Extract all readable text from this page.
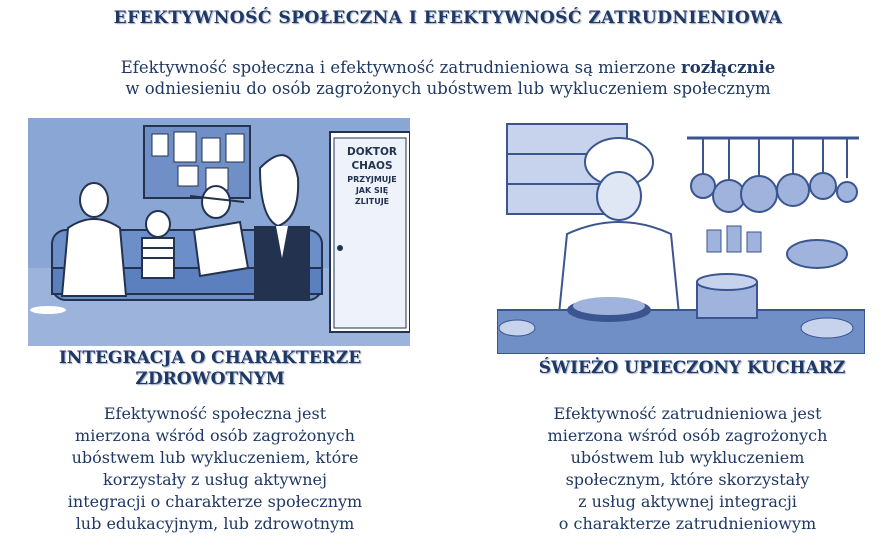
EFEKTYWNOŚĆ SPOŁECZNA I EFEKTYWNOŚĆ ZATRUDNIENIOWA
Efektywność społeczna i efektywność zatrudnieniowa są mierzone rozłącznie
w odniesieniu do osób zagrożonych ubóstwem lub wykluczeniem społecznym
DOKTOR
CHAOS
PRZYJMUJE
JAK SIĘ
ZLITUJE
INTEGRACJA O CHARAKTERZE
ZDROWOTNYM
ŚWIEŻO UPIECZONY KUCHARZ
Efektywność społeczna jest
mierzona wśród osób zagrożonych
ubóstwem lub wykluczeniem, które
korzystały z usług aktywnej
integracji o charakterze społecznym
lub edukacyjnym, lub zdrowotnym
Efektywność zatrudnieniowa jest
mierzona wśród osób zagrożonych
ubóstwem lub wykluczeniem
społecznym, które skorzystały
z usług aktywnej integracji
o charakterze zatrudnieniowym
